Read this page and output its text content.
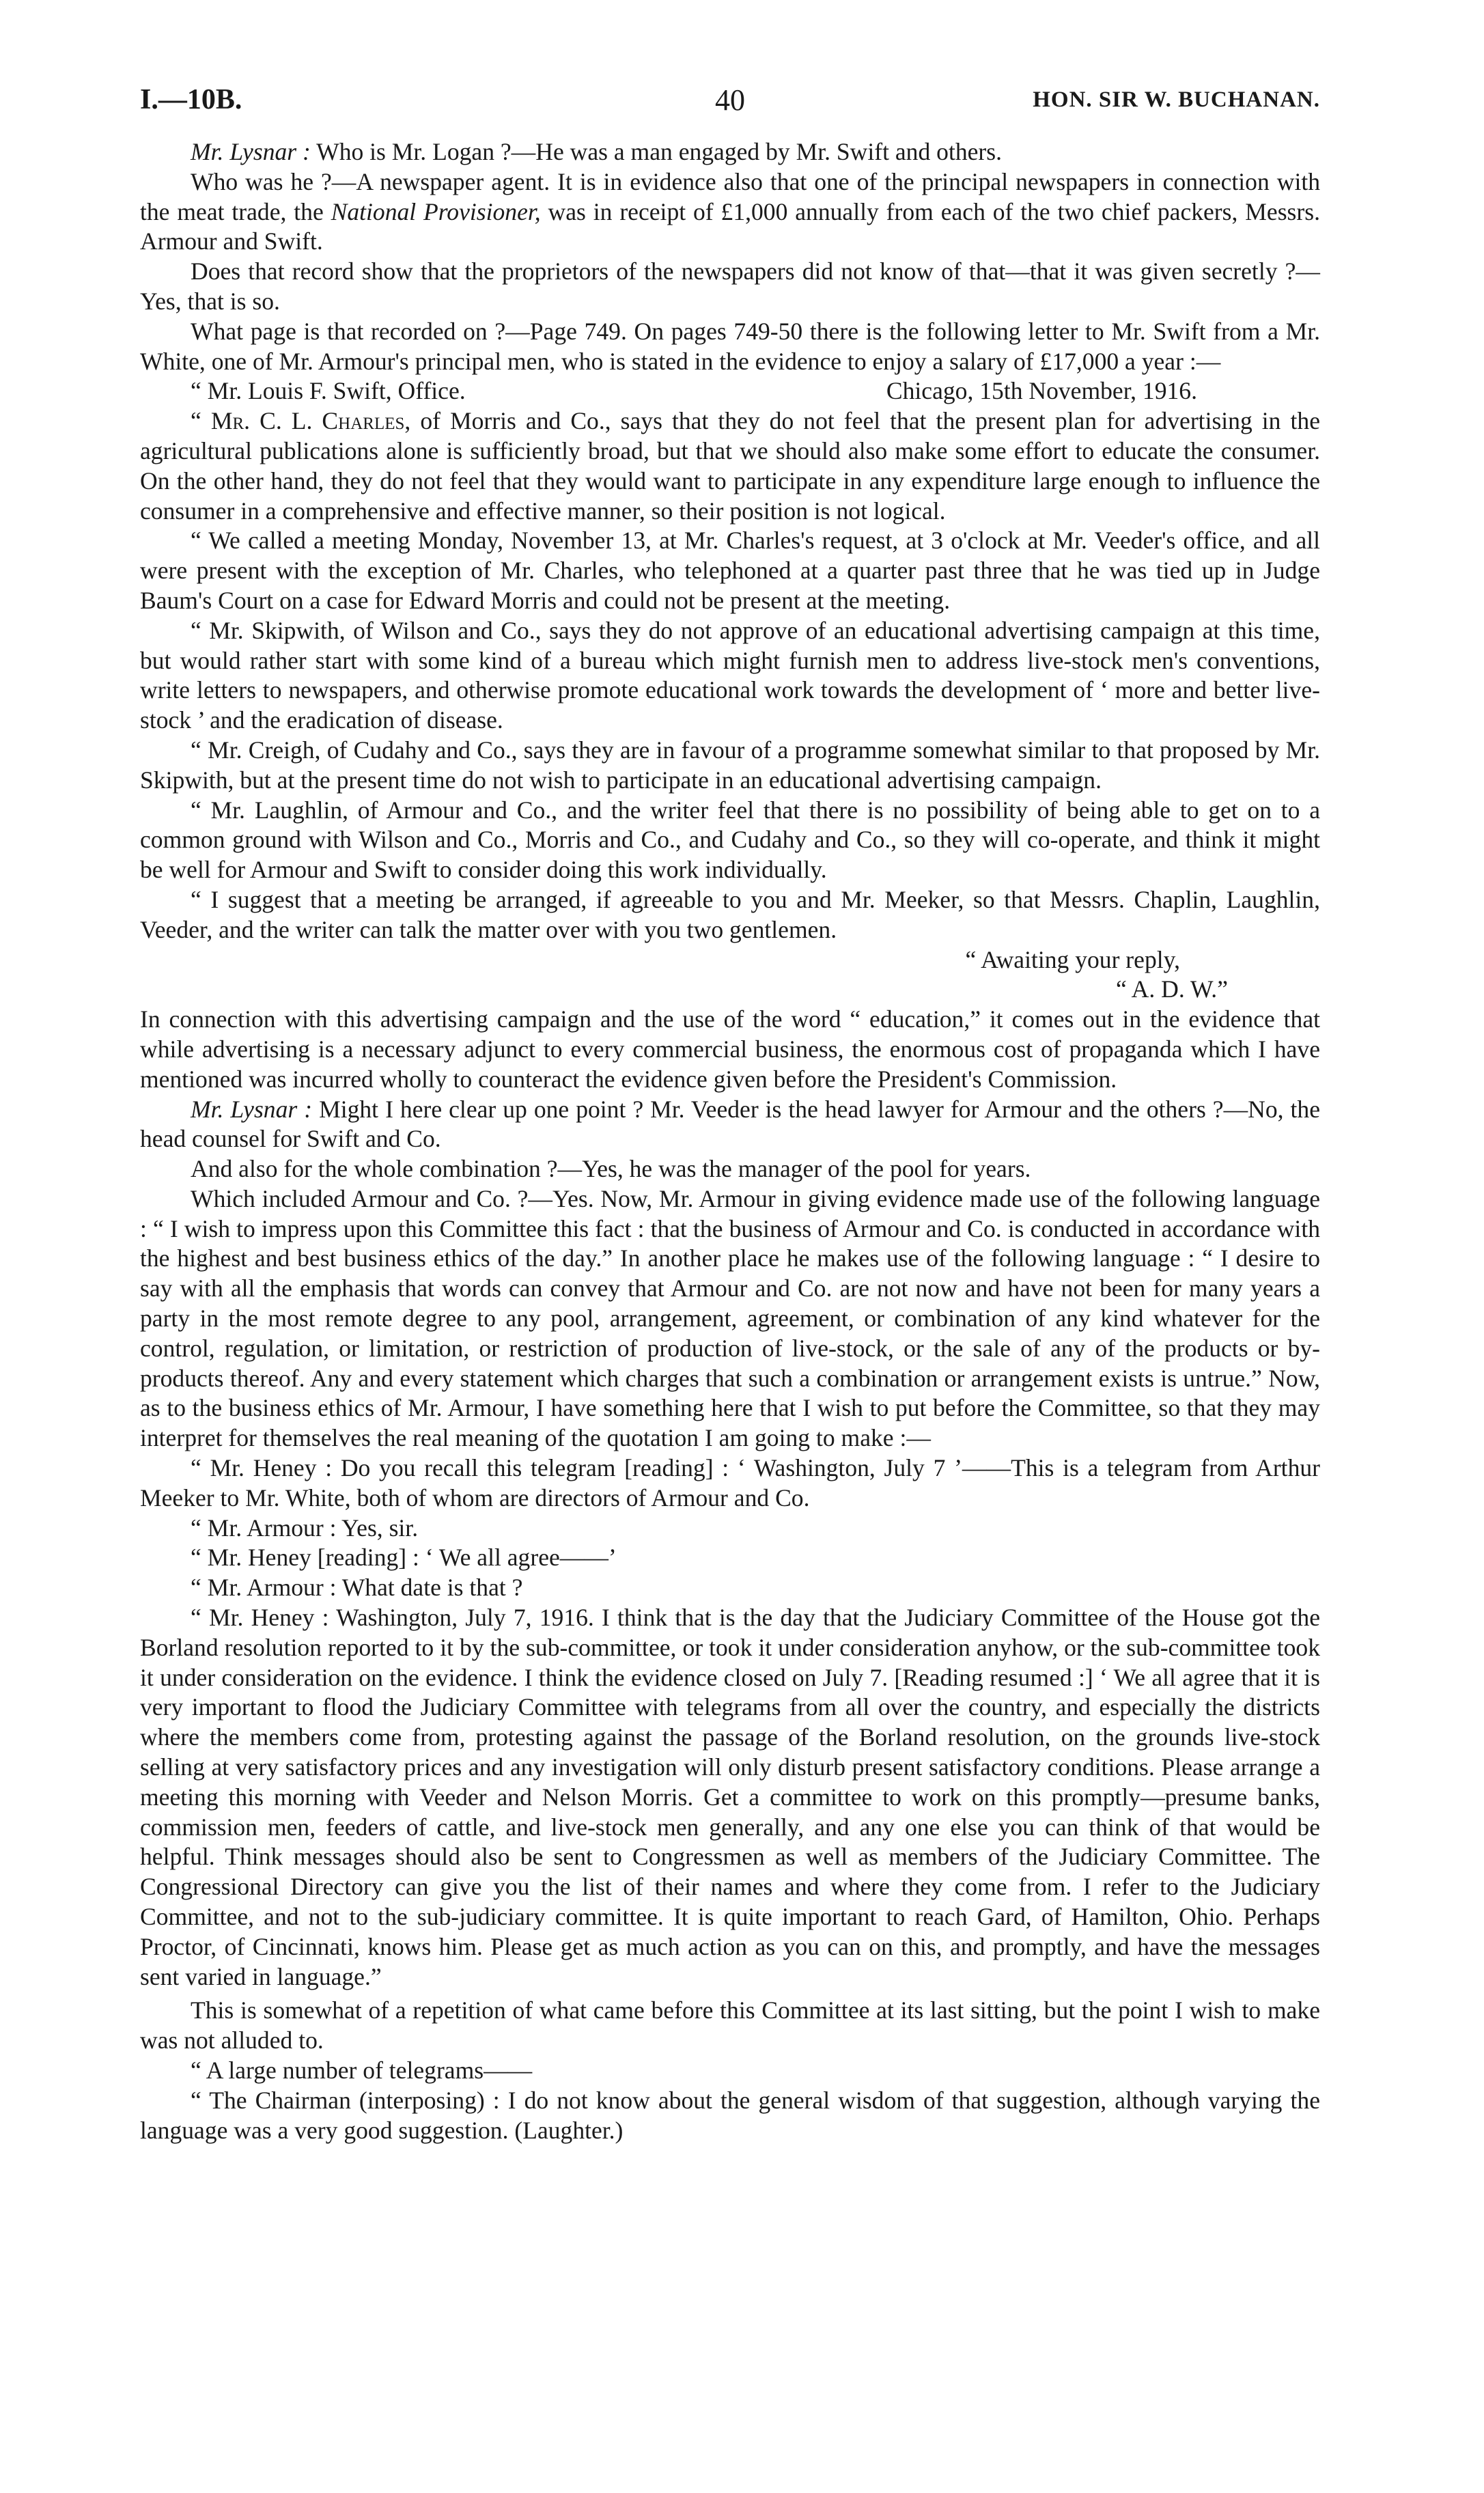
I.—10B.	40	HON. SIR W. BUCHANAN.

Mr. Lysnar : Who is Mr. Logan ?—He was a man engaged by Mr. Swift and others.

Who was he ?—A newspaper agent. It is in evidence also that one of the principal newspapers in connection with the meat trade, the National Provisioner, was in receipt of £1,000 annually from each of the two chief packers, Messrs. Armour and Swift.

Does that record show that the proprietors of the newspapers did not know of that—that it was given secretly ?—Yes, that is so.

What page is that recorded on ?—Page 749. On pages 749-50 there is the following letter to Mr. Swift from a Mr. White, one of Mr. Armour's principal men, who is stated in the evidence to enjoy a salary of £17,000 a year :—

“ Mr. Louis F. Swift, Office.	Chicago, 15th November, 1916.

“ Mr. C. L. Charles, of Morris and Co., says that they do not feel that the present plan for advertising in the agricultural publications alone is sufficiently broad, but that we should also make some effort to educate the consumer. On the other hand, they do not feel that they would want to participate in any expenditure large enough to influence the consumer in a comprehensive and effective manner, so their position is not logical.

“ We called a meeting Monday, November 13, at Mr. Charles's request, at 3 o'clock at Mr. Veeder's office, and all were present with the exception of Mr. Charles, who telephoned at a quarter past three that he was tied up in Judge Baum's Court on a case for Edward Morris and could not be present at the meeting.

“ Mr. Skipwith, of Wilson and Co., says they do not approve of an educational advertising campaign at this time, but would rather start with some kind of a bureau which might furnish men to address live-stock men's conventions, write letters to newspapers, and otherwise promote educational work towards the development of ‘ more and better live-stock ’ and the eradication of disease.

“ Mr. Creigh, of Cudahy and Co., says they are in favour of a programme somewhat similar to that proposed by Mr. Skipwith, but at the present time do not wish to participate in an educational advertising campaign.

“ Mr. Laughlin, of Armour and Co., and the writer feel that there is no possibility of being able to get on to a common ground with Wilson and Co., Morris and Co., and Cudahy and Co., so they will co-operate, and think it might be well for Armour and Swift to consider doing this work individually.

“ I suggest that a meeting be arranged, if agreeable to you and Mr. Meeker, so that Messrs. Chaplin, Laughlin, Veeder, and the writer can talk the matter over with you two gentlemen.

“ Awaiting your reply,
“ A. D. W.”

In connection with this advertising campaign and the use of the word “ education,” it comes out in the evidence that while advertising is a necessary adjunct to every commercial business, the enormous cost of propaganda which I have mentioned was incurred wholly to counteract the evidence given before the President's Commission.

Mr. Lysnar : Might I here clear up one point ? Mr. Veeder is the head lawyer for Armour and the others ?—No, the head counsel for Swift and Co.

And also for the whole combination ?—Yes, he was the manager of the pool for years.

Which included Armour and Co. ?—Yes. Now, Mr. Armour in giving evidence made use of the following language : “ I wish to impress upon this Committee this fact : that the business of Armour and Co. is conducted in accordance with the highest and best business ethics of the day.” In another place he makes use of the following language : “ I desire to say with all the emphasis that words can convey that Armour and Co. are not now and have not been for many years a party in the most remote degree to any pool, arrangement, agreement, or combination of any kind whatever for the control, regulation, or limitation, or restriction of production of live-stock, or the sale of any of the products or by-products thereof. Any and every statement which charges that such a combination or arrangement exists is untrue.” Now, as to the business ethics of Mr. Armour, I have something here that I wish to put before the Committee, so that they may interpret for themselves the real meaning of the quotation I am going to make :—

“ Mr. Heney : Do you recall this telegram [reading] : ‘ Washington, July 7 ’——This is a telegram from Arthur Meeker to Mr. White, both of whom are directors of Armour and Co.

“ Mr. Armour : Yes, sir.

“ Mr. Heney [reading] : ‘ We all agree——’

“ Mr. Armour : What date is that ?

“ Mr. Heney : Washington, July 7, 1916. I think that is the day that the Judiciary Committee of the House got the Borland resolution reported to it by the sub-committee, or took it under consideration anyhow, or the sub-committee took it under consideration on the evidence. I think the evidence closed on July 7. [Reading resumed :] ‘ We all agree that it is very important to flood the Judiciary Committee with telegrams from all over the country, and especially the districts where the members come from, protesting against the passage of the Borland resolution, on the grounds live-stock selling at very satisfactory prices and any investigation will only disturb present satisfactory conditions. Please arrange a meeting this morning with Veeder and Nelson Morris. Get a committee to work on this promptly—presume banks, commission men, feeders of cattle, and live-stock men generally, and any one else you can think of that would be helpful. Think messages should also be sent to Congressmen as well as members of the Judiciary Committee. The Congressional Directory can give you the list of their names and where they come from. I refer to the Judiciary Committee, and not to the sub-judiciary committee. It is quite important to reach Gard, of Hamilton, Ohio. Perhaps Proctor, of Cincinnati, knows him. Please get as much action as you can on this, and promptly, and have the messages sent varied in language.”

This is somewhat of a repetition of what came before this Committee at its last sitting, but the point I wish to make was not alluded to.

“ A large number of telegrams——

“ The Chairman (interposing) : I do not know about the general wisdom of that suggestion, although varying the language was a very good suggestion. (Laughter.)
